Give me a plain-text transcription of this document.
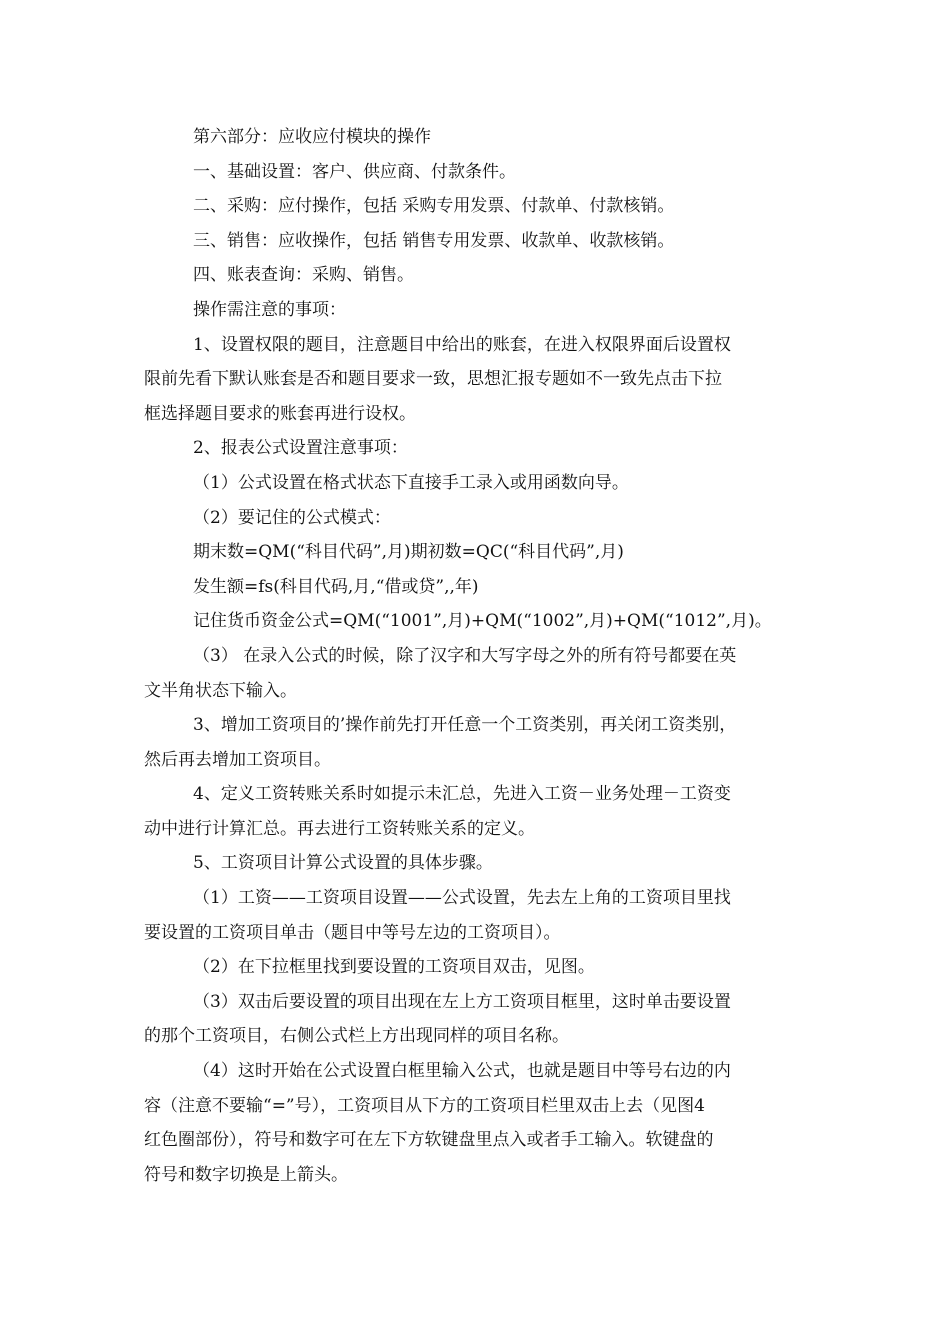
第六部分：应收应付模块的操作
一、基础设置：客户、供应商、付款条件。
二、采购：应付操作，包括 采购专用发票、付款单、付款核销。
三、销售：应收操作，包括 销售专用发票、收款单、收款核销。
四、账表查询：采购、销售。
操作需注意的事项：
1、设置权限的题目，注意题目中给出的账套，在进入权限界面后设置权
限前先看下默认账套是否和题目要求一致，思想汇报专题如不一致先点击下拉
框选择题目要求的账套再进行设权。
2、报表公式设置注意事项：
（1）公式设置在格式状态下直接手工录入或用函数向导。
（2）要记住的公式模式：
期末数=QM(“科目代码”,月)期初数=QC(“科目代码”,月)
发生额=fs(科目代码,月,“借或贷”,,年)
记住货币资金公式=QM(“1001”,月)+QM(“1002”,月)+QM(“1012”,月)。
（3） 在录入公式的时候，除了汉字和大写字母之外的所有符号都要在英
文半角状态下输入。
3、增加工资项目的’操作前先打开任意一个工资类别，再关闭工资类别，
然后再去增加工资项目。
4、定义工资转账关系时如提示未汇总，先进入工资－业务处理－工资变
动中进行计算汇总。再去进行工资转账关系的定义。
5、工资项目计算公式设置的具体步骤。
（1）工资——工资项目设置——公式设置，先去左上角的工资项目里找
要设置的工资项目单击（题目中等号左边的工资项目）。
（2）在下拉框里找到要设置的工资项目双击，见图。
（3）双击后要设置的项目出现在左上方工资项目框里，这时单击要设置
的那个工资项目，右侧公式栏上方出现同样的项目名称。
（4）这时开始在公式设置白框里输入公式，也就是题目中等号右边的内
容（注意不要输“=”号），工资项目从下方的工资项目栏里双击上去（见图4
红色圈部份），符号和数字可在左下方软键盘里点入或者手工输入。软键盘的
符号和数字切换是上箭头。
